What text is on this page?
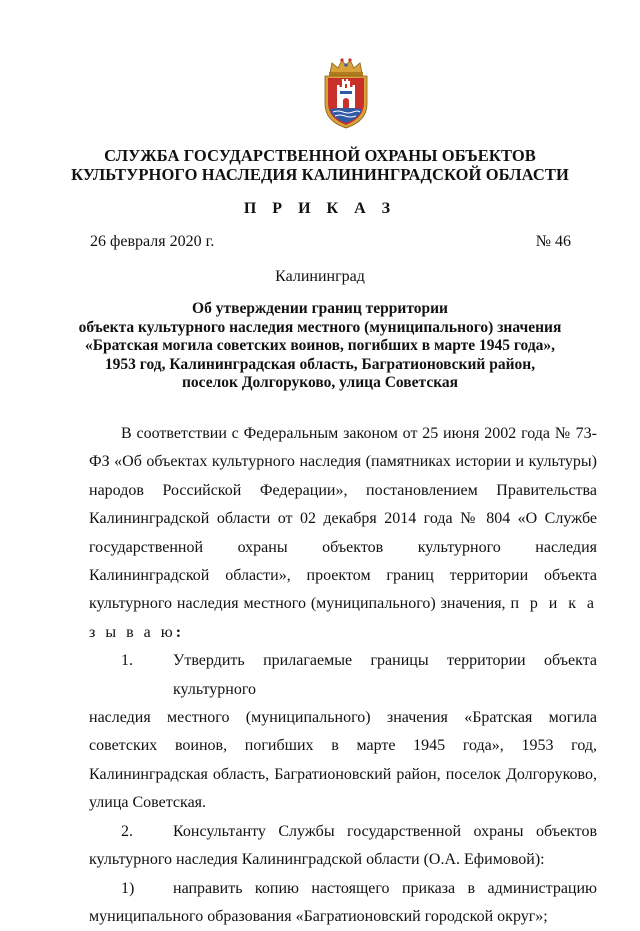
СЛУЖБА ГОСУДАРСТВЕННОЙ ОХРАНЫ ОБЪЕКТОВ
КУЛЬТУРНОГО НАСЛЕДИЯ КАЛИНИНГРАДСКОЙ ОБЛАСТИ
П Р И К А З
26 февраля 2020 г.	№ 46
Калининград
Об утверждении границ территории
объекта культурного наследия местного (муниципального) значения
«Братская могила советских воинов, погибших в марте 1945 года»,
1953 год, Калининградская область, Багратионовский район,
поселок Долгоруково, улица Советская

В соответствии с Федеральным законом от 25 июня 2002 года № 73-ФЗ «Об объектах культурного наследия (памятниках истории и культуры) народов Российской Федерации», постановлением Правительства Калининградской области от 02 декабря 2014 года № 804 «О Службе государственной охраны объектов культурного наследия Калининградской области», проектом границ территории объекта культурного наследия местного (муниципального) значения, п р и к а з ы в а ю:

1.	Утвердить прилагаемые границы территории объекта культурного

наследия местного (муниципального) значения «Братская могила советских воинов, погибших в марте 1945 года», 1953 год, Калининградская область, Багратионовский район, поселок Долгоруково, улица Советская.

2.	Консультанту Службы государственной охраны объектов

культурного наследия Калининградской области (О.А. Ефимовой):

1)	направить копию настоящего приказа в администрацию

муниципального образования «Багратионовский городской округ»;
